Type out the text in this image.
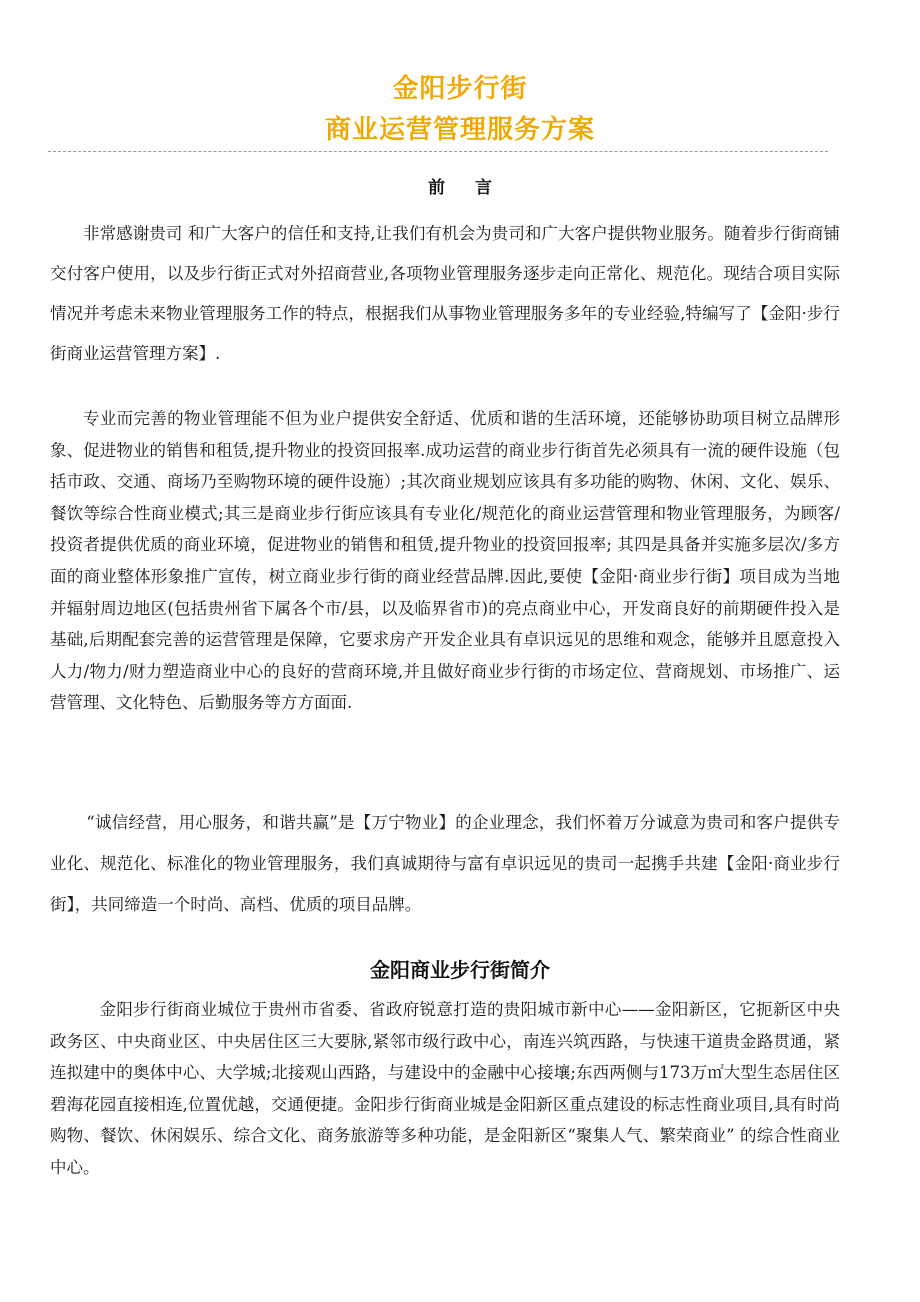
金阳步行街
商业运营管理服务方案
前 言

非常感谢贵司 和广大客户的信任和支持,让我们有机会为贵司和广大客户提供物业服务。随着步行街商铺交付客户使用，以及步行街正式对外招商营业,各项物业管理服务逐步走向正常化、规范化。现结合项目实际情况并考虑未来物业管理服务工作的特点，根据我们从事物业管理服务多年的专业经验,特编写了【金阳·步行街商业运营管理方案】.

专业而完善的物业管理能不但为业户提供安全舒适、优质和谐的生活环境，还能够协助项目树立品牌形象、促进物业的销售和租赁,提升物业的投资回报率.成功运营的商业步行街首先必须具有一流的硬件设施（包括市政、交通、商场乃至购物环境的硬件设施）;其次商业规划应该具有多功能的购物、休闲、文化、娱乐、餐饮等综合性商业模式;其三是商业步行街应该具有专业化/规范化的商业运营管理和物业管理服务，为顾客/投资者提供优质的商业环境，促进物业的销售和租赁,提升物业的投资回报率; 其四是具备并实施多层次/多方面的商业整体形象推广宣传，树立商业步行街的商业经营品牌.因此,要使【金阳·商业步行街】项目成为当地并辐射周边地区(包括贵州省下属各个市/县，以及临界省市)的亮点商业中心，开发商良好的前期硬件投入是基础,后期配套完善的运营管理是保障，它要求房产开发企业具有卓识远见的思维和观念，能够并且愿意投入人力/物力/财力塑造商业中心的良好的营商环境,并且做好商业步行街的市场定位、营商规划、市场推广、运营管理、文化特色、后勤服务等方方面面.

“诚信经营，用心服务，和谐共赢”是【万宁物业】的企业理念，我们怀着万分诚意为贵司和客户提供专业化、规范化、标准化的物业管理服务，我们真诚期待与富有卓识远见的贵司一起携手共建【金阳·商业步行街】，共同缔造一个时尚、高档、优质的项目品牌。

金阳商业步行街简介

金阳步行街商业城位于贵州市省委、省政府锐意打造的贵阳城市新中心——金阳新区，它扼新区中央政务区、中央商业区、中央居住区三大要脉,紧邻市级行政中心，南连兴筑西路，与快速干道贵金路贯通，紧连拟建中的奥体中心、大学城;北接观山西路，与建设中的金融中心接壤;东西两侧与173万㎡大型生态居住区碧海花园直接相连,位置优越，交通便捷。金阳步行街商业城是金阳新区重点建设的标志性商业项目,具有时尚购物、餐饮、休闲娱乐、综合文化、商务旅游等多种功能，是金阳新区“聚集人气、繁荣商业” 的综合性商业中心。
